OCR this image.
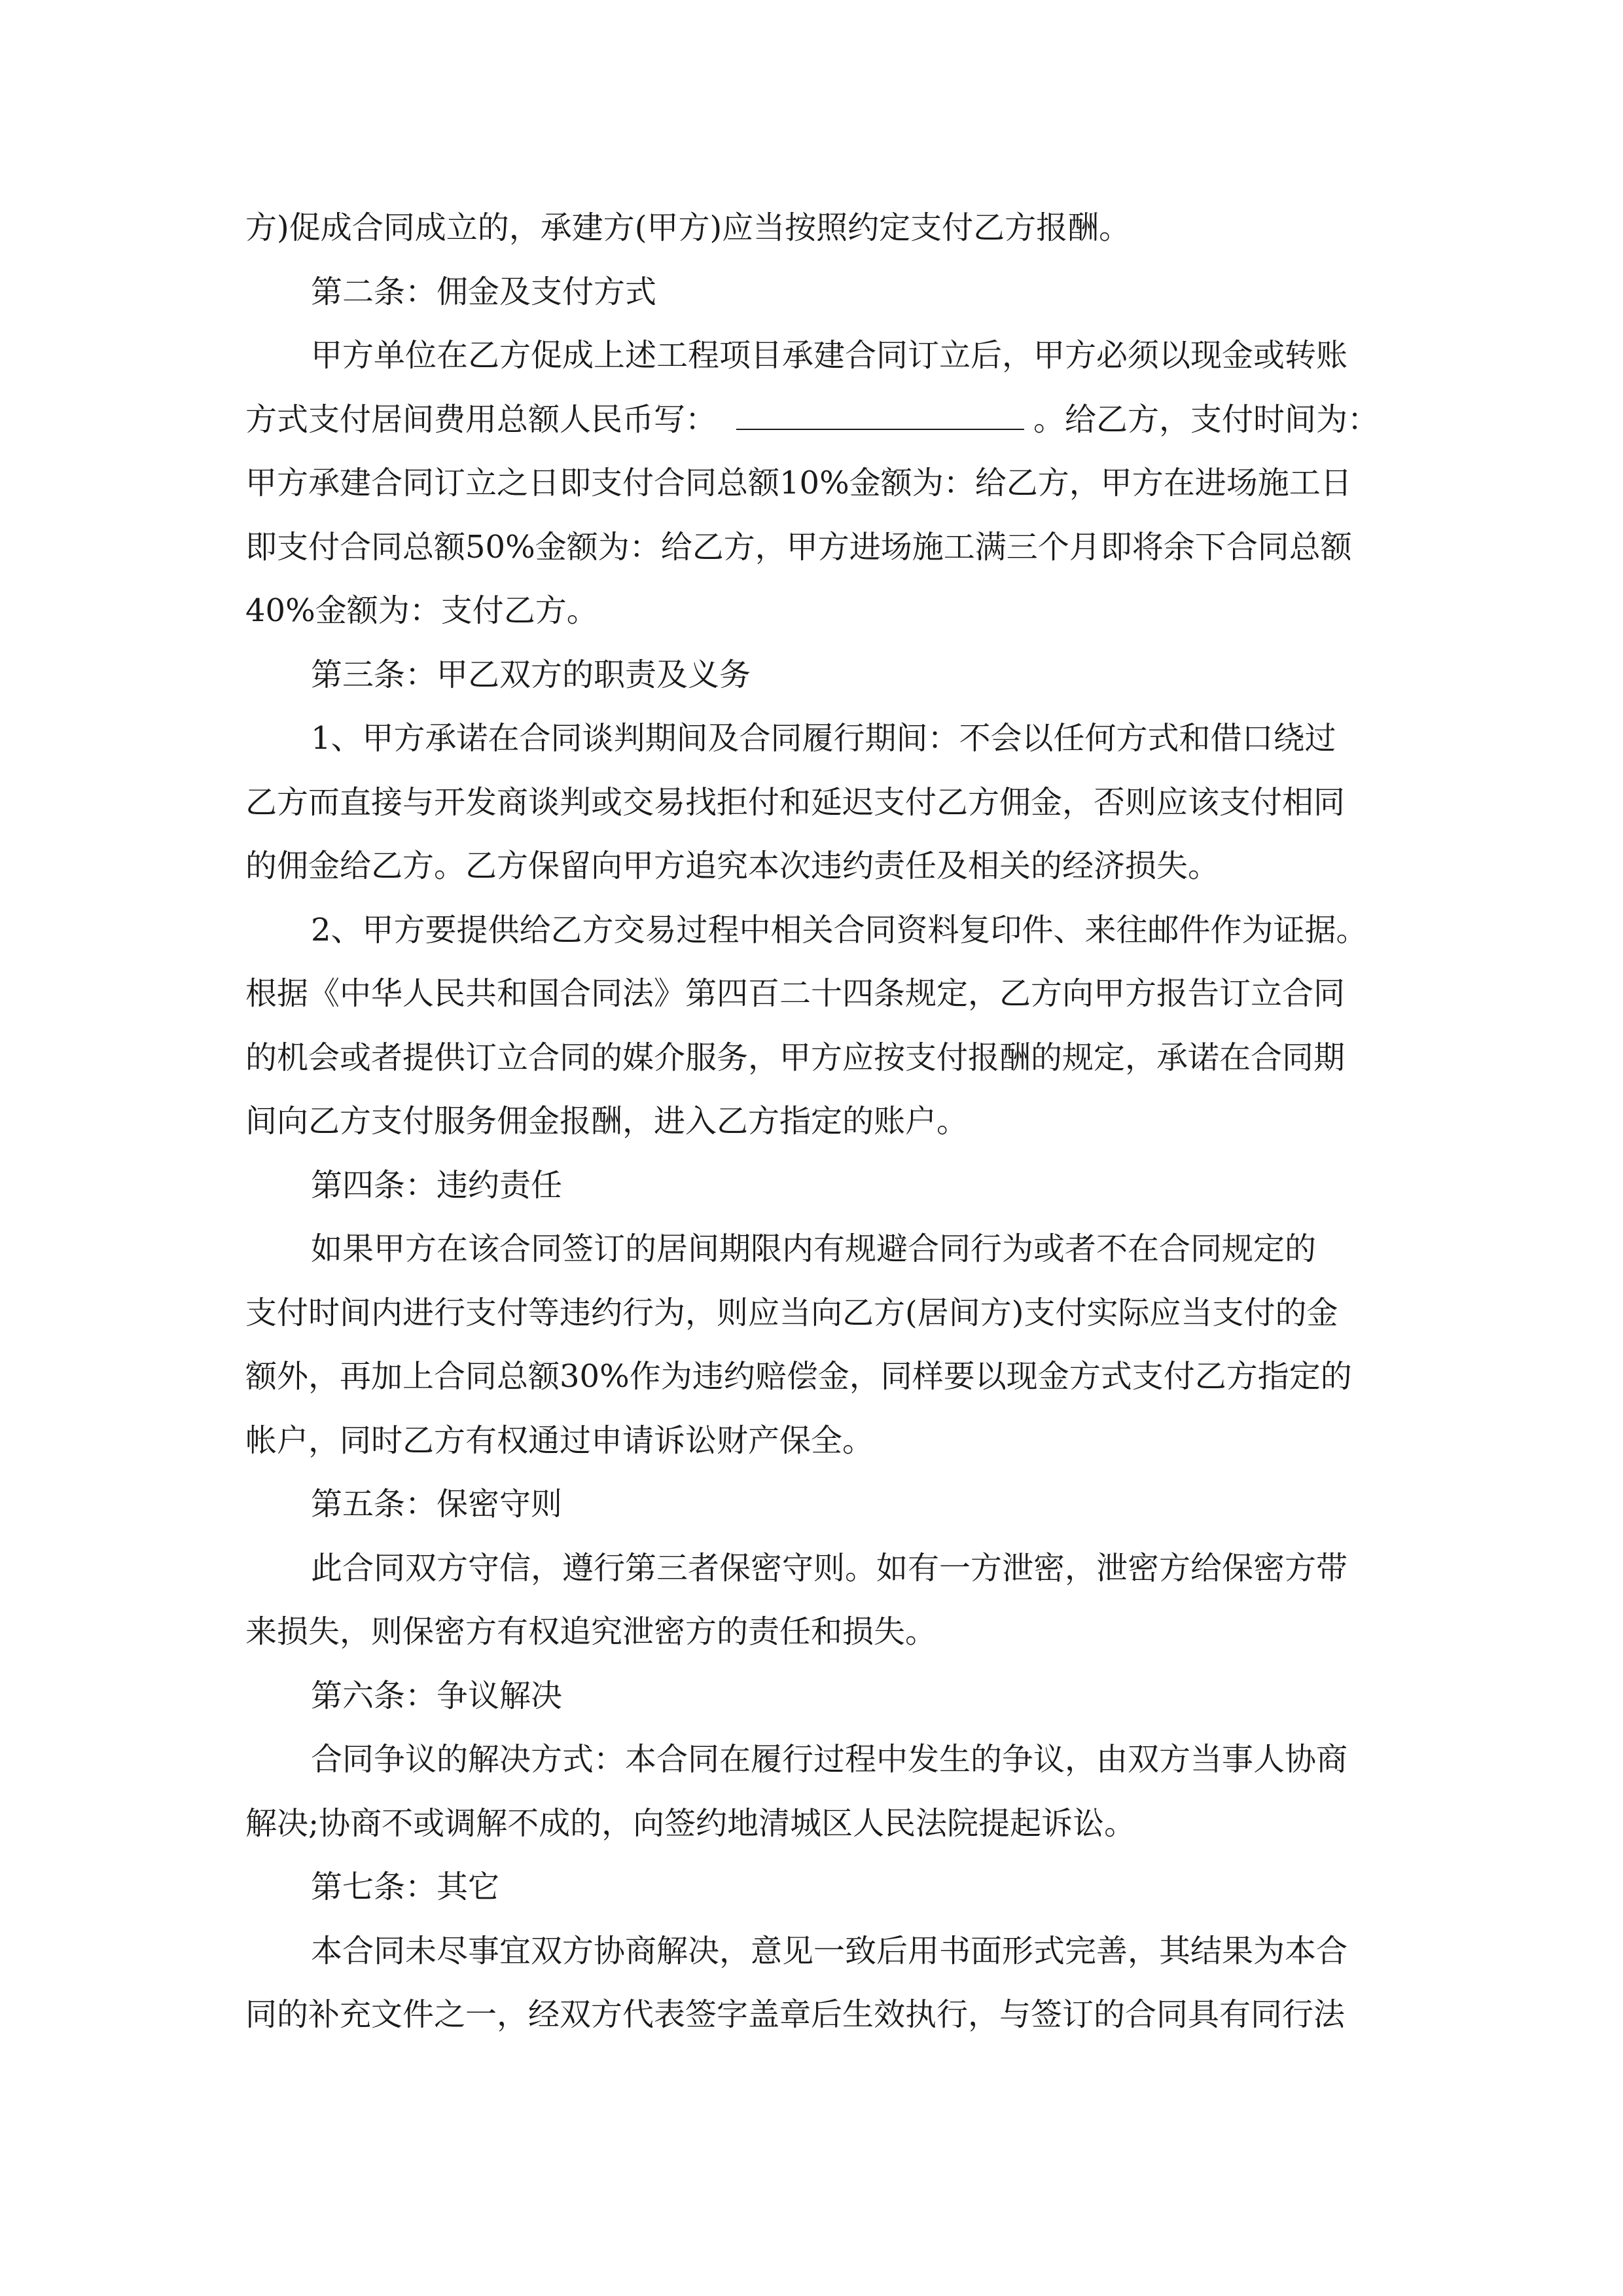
方)促成合同成立的，承建方(甲方)应当按照约定支付乙方报酬。
第二条：佣金及支付方式
甲方单位在乙方促成上述工程项目承建合同订立后，甲方必须以现金或转账
方式支付居间费用总额人民币写：	。给乙方，支付时间为：
甲方承建合同订立之日即支付合同总额10%金额为：给乙方，甲方在进场施工日
即支付合同总额50%金额为：给乙方，甲方进场施工满三个月即将余下合同总额
40%金额为：支付乙方。
第三条：甲乙双方的职责及义务
1、甲方承诺在合同谈判期间及合同履行期间：不会以任何方式和借口绕过
乙方而直接与开发商谈判或交易找拒付和延迟支付乙方佣金，否则应该支付相同
的佣金给乙方。乙方保留向甲方追究本次违约责任及相关的经济损失。
2、甲方要提供给乙方交易过程中相关合同资料复印件、来往邮件作为证据。
根据《中华人民共和国合同法》第四百二十四条规定，乙方向甲方报告订立合同
的机会或者提供订立合同的媒介服务，甲方应按支付报酬的规定，承诺在合同期
间向乙方支付服务佣金报酬，进入乙方指定的账户。
第四条：违约责任
如果甲方在该合同签订的居间期限内有规避合同行为或者不在合同规定的
支付时间内进行支付等违约行为，则应当向乙方(居间方)支付实际应当支付的金
额外，再加上合同总额30%作为违约赔偿金，同样要以现金方式支付乙方指定的
帐户，同时乙方有权通过申请诉讼财产保全。
第五条：保密守则
此合同双方守信，遵行第三者保密守则。如有一方泄密，泄密方给保密方带
来损失，则保密方有权追究泄密方的责任和损失。
第六条：争议解决
合同争议的解决方式：本合同在履行过程中发生的争议，由双方当事人协商
解决;协商不或调解不成的，向签约地清城区人民法院提起诉讼。
第七条：其它
本合同未尽事宜双方协商解决，意见一致后用书面形式完善，其结果为本合
同的补充文件之一，经双方代表签字盖章后生效执行，与签订的合同具有同行法
